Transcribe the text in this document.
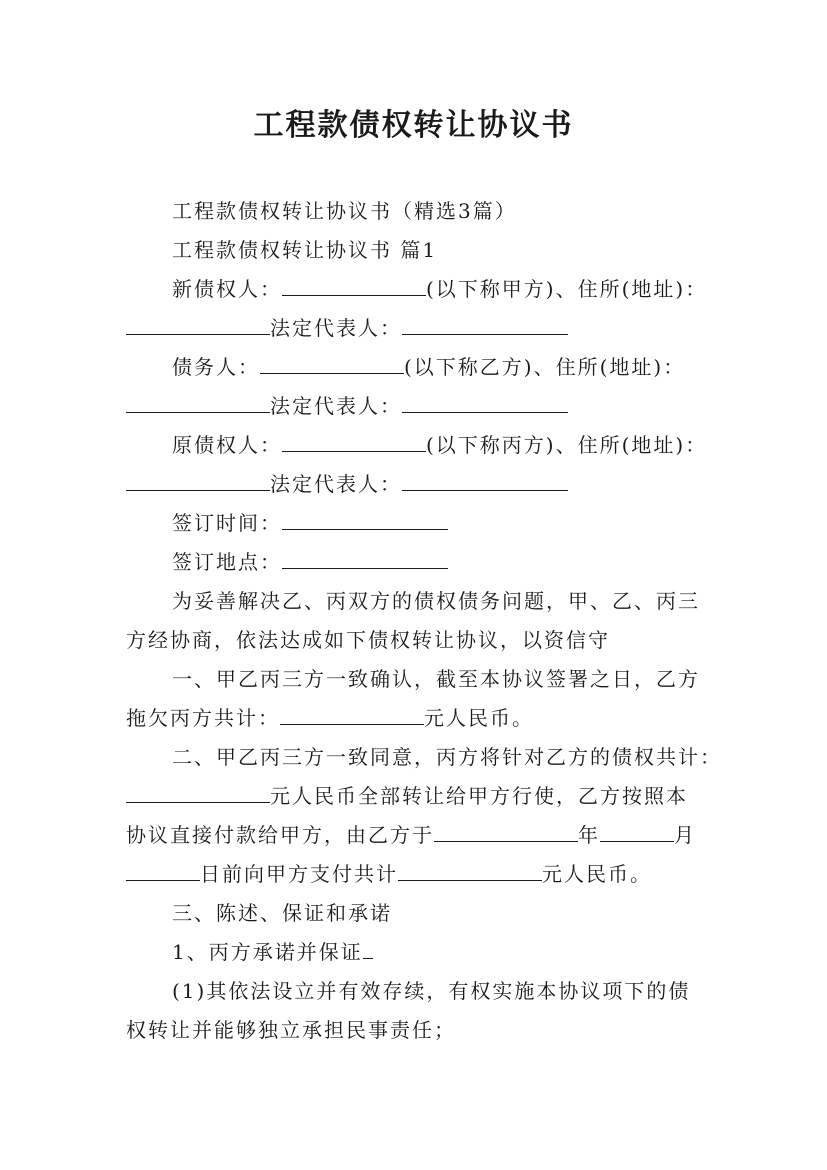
工程款债权转让协议书
工程款债权转让协议书（精选3篇）
工程款债权转让协议书 篇1
新债权人：	(以下称甲方)、住所(地址)：
法定代表人：
债务人：	(以下称乙方)、住所(地址)：
法定代表人：
原债权人：	(以下称丙方)、住所(地址)：
法定代表人：
签订时间：
签订地点：
为妥善解决乙、丙双方的债权债务问题，甲、乙、丙三
方经协商，依法达成如下债权转让协议，以资信守
一、甲乙丙三方一致确认，截至本协议签署之日，乙方
拖欠丙方共计：	元人民币。
二、甲乙丙三方一致同意，丙方将针对乙方的债权共计：
元人民币全部转让给甲方行使，乙方按照本
协议直接付款给甲方，由乙方于	年	月
日前向甲方支付共计	元人民币。
三、陈述、保证和承诺
1、丙方承诺并保证
(1)其依法设立并有效存续，有权实施本协议项下的债
权转让并能够独立承担民事责任；
